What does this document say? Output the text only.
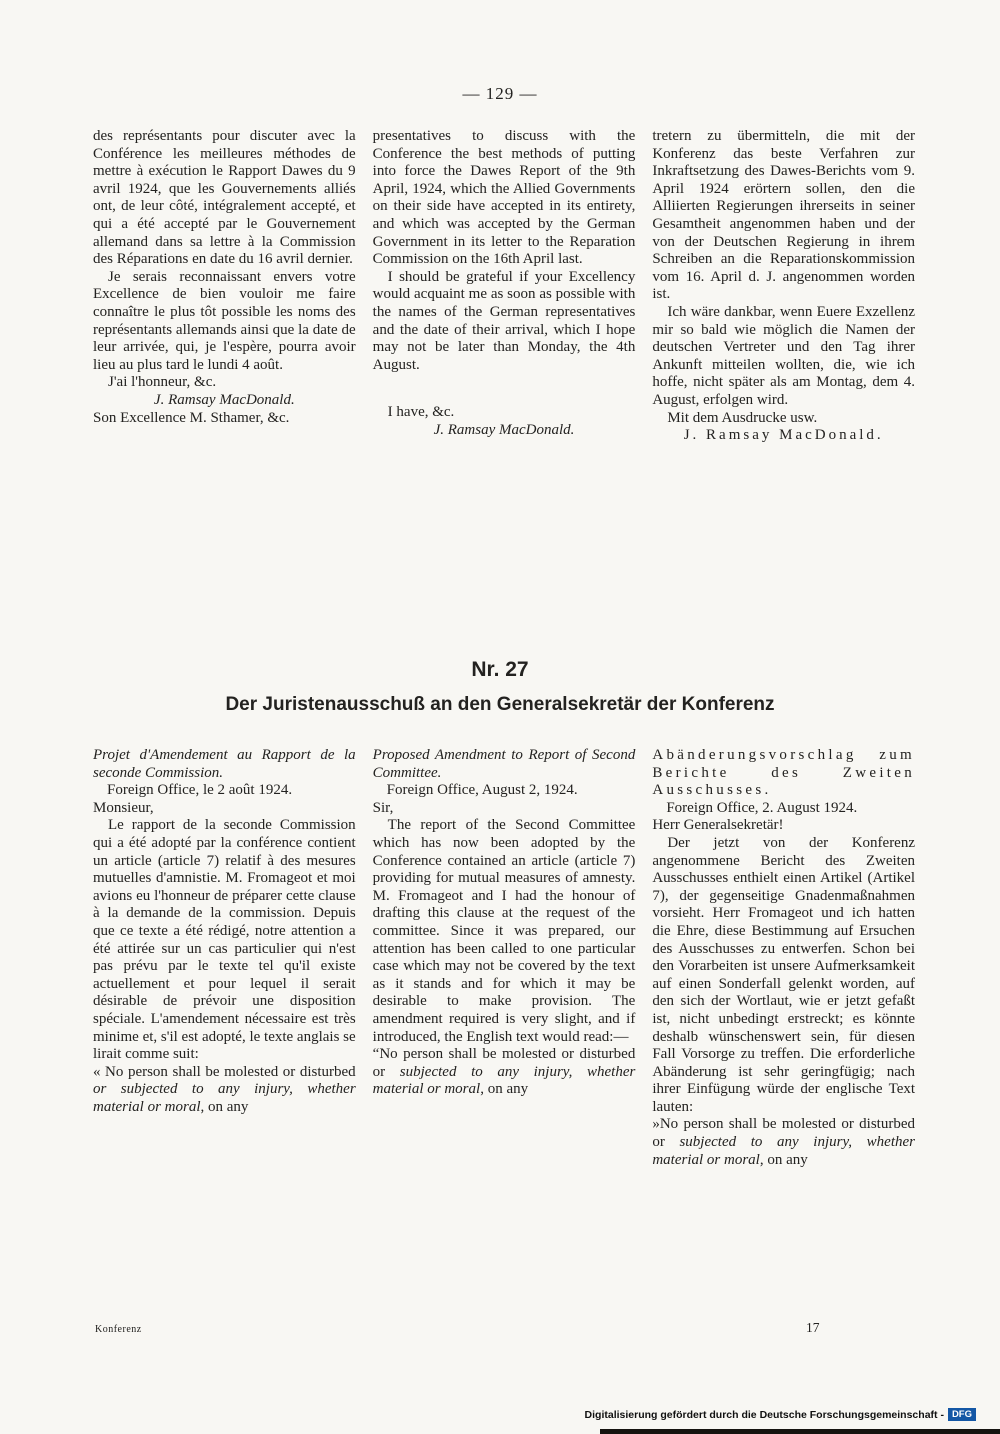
— 129 —

des représentants pour discuter avec la Conférence les meilleures méthodes de mettre à exécution le Rapport Dawes du 9 avril 1924, que les Gouvernements alliés ont, de leur côté, intégralement accepté, et qui a été accepté par le Gouvernement allemand dans sa lettre à la Commission des Réparations en date du 16 avril dernier.

Je serais reconnaissant envers votre Excellence de bien vouloir me faire connaître le plus tôt possible les noms des représentants allemands ainsi que la date de leur arrivée, qui, je l'espère, pourra avoir lieu au plus tard le lundi 4 août.

J'ai l'honneur, &c.

J. Ramsay MacDonald.

Son Excellence M. Sthamer, &c.

presentatives to discuss with the Conference the best methods of putting into force the Dawes Report of the 9th April, 1924, which the Allied Governments on their side have accepted in its entirety, and which was accepted by the German Government in its letter to the Reparation Commission on the 16th April last.

I should be grateful if your Excellency would acquaint me as soon as possible with the names of the German representatives and the date of their arrival, which I hope may not be later than Monday, the 4th August.

I have, &c.

J. Ramsay MacDonald.

tretern zu übermitteln, die mit der Konferenz das beste Verfahren zur Inkraftsetzung des Dawes-Berichts vom 9. April 1924 erörtern sollen, den die Alliierten Regierungen ihrerseits in seiner Gesamtheit angenommen haben und der von der Deutschen Regierung in ihrem Schreiben an die Reparationskommission vom 16. April d. J. angenommen worden ist.

Ich wäre dankbar, wenn Euere Exzellenz mir so bald wie möglich die Namen der deutschen Vertreter und den Tag ihrer Ankunft mitteilen wollten, die, wie ich hoffe, nicht später als am Montag, dem 4. August, erfolgen wird.

Mit dem Ausdrucke usw.

J. Ramsay MacDonald.

Nr. 27

Der Juristenausschuß an den Generalsekretär der Konferenz

Projet d'Amendement au Rapport de la seconde Commission.

Foreign Office, le 2 août 1924.

Monsieur,

Le rapport de la seconde Commission qui a été adopté par la conférence contient un article (article 7) relatif à des mesures mutuelles d'amnistie. M. Fromageot et moi avions eu l'honneur de préparer cette clause à la demande de la commission. Depuis que ce texte a été rédigé, notre attention a été attirée sur un cas particulier qui n'est pas prévu par le texte tel qu'il existe actuellement et pour lequel il serait désirable de prévoir une disposition spéciale. L'amendement nécessaire est très minime et, s'il est adopté, le texte anglais se lirait comme suit:

« No person shall be molested or disturbed or subjected to any injury, whether material or moral, on any

Proposed Amendment to Report of Second Committee.

Foreign Office, August 2, 1924.

Sir,

The report of the Second Committee which has now been adopted by the Conference contained an article (article 7) providing for mutual measures of amnesty. M. Fromageot and I had the honour of drafting this clause at the request of the committee. Since it was prepared, our attention has been called to one particular case which may not be covered by the text as it stands and for which it may be desirable to make provision. The amendment required is very slight, and if introduced, the English text would read:—

“No person shall be molested or disturbed or subjected to any injury, whether material or moral, on any

Abänderungsvorschlag zum Berichte des Zweiten Ausschusses.

Foreign Office, 2. August 1924.

Herr Generalsekretär!

Der jetzt von der Konferenz angenommene Bericht des Zweiten Ausschusses enthielt einen Artikel (Artikel 7), der gegenseitige Gnadenmaßnahmen vorsieht. Herr Fromageot und ich hatten die Ehre, diese Bestimmung auf Ersuchen des Ausschusses zu entwerfen. Schon bei den Vorarbeiten ist unsere Aufmerksamkeit auf einen Sonderfall gelenkt worden, auf den sich der Wortlaut, wie er jetzt gefaßt ist, nicht unbedingt erstreckt; es könnte deshalb wünschenswert sein, für diesen Fall Vorsorge zu treffen. Die erforderliche Abänderung ist sehr geringfügig; nach ihrer Einfügung würde der englische Text lauten:

»No person shall be molested or disturbed or subjected to any injury, whether material or moral, on any

Konferenz	17
Digitalisierung gefördert durch die Deutsche Forschungsgemeinschaft - DFG
